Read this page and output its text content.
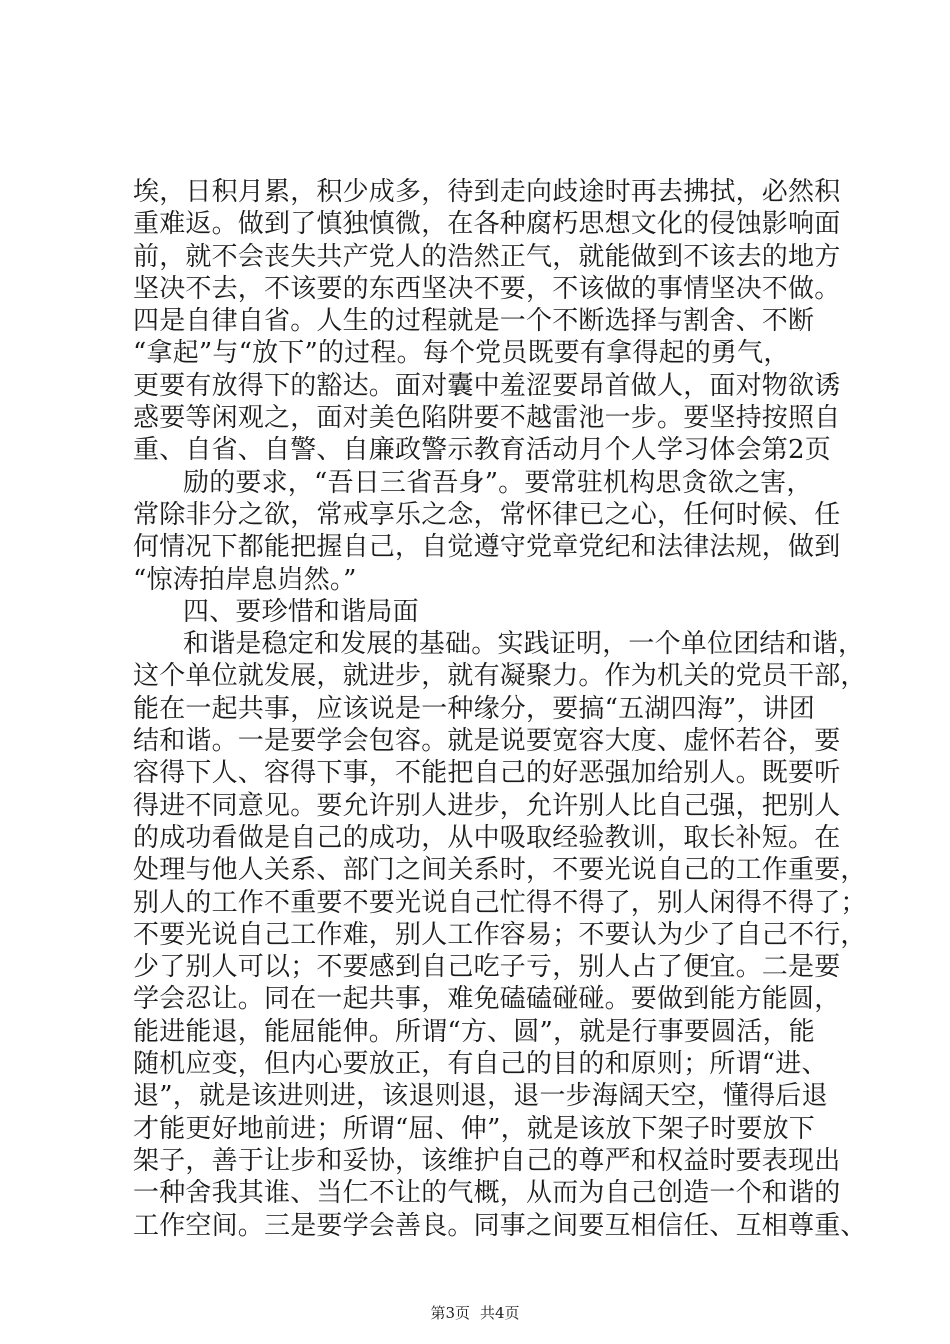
埃，日积月累，积少成多，待到走向歧途时再去拂拭，必然积
重难返。做到了慎独慎微，在各种腐朽思想文化的侵蚀影响面
前，就不会丧失共产党人的浩然正气，就能做到不该去的地方
坚决不去，不该要的东西坚决不要，不该做的事情坚决不做。
四是自律自省。人生的过程就是一个不断选择与割舍、不断
“拿起”与“放下”的过程。每个党员既要有拿得起的勇气，
更要有放得下的豁达。面对囊中羞涩要昂首做人，面对物欲诱
惑要等闲观之，面对美色陷阱要不越雷池一步。要坚持按照自
重、自省、自警、自廉政警示教育活动月个人学习体会第2页
励的要求，“吾日三省吾身”。要常驻机构思贪欲之害，
常除非分之欲，常戒享乐之念，常怀律已之心，任何时候、任
何情况下都能把握自己，自觉遵守党章党纪和法律法规，做到
“惊涛拍岸息岿然。”
四、要珍惜和谐局面
和谐是稳定和发展的基础。实践证明，一个单位团结和谐，
这个单位就发展，就进步，就有凝聚力。作为机关的党员干部，
能在一起共事，应该说是一种缘分，要搞“五湖四海”，讲团
结和谐。一是要学会包容。就是说要宽容大度、虚怀若谷，要
容得下人、容得下事，不能把自己的好恶强加给别人。既要听
得进不同意见。要允许别人进步，允许别人比自己强，把别人
的成功看做是自己的成功，从中吸取经验教训，取长补短。在
处理与他人关系、部门之间关系时，不要光说自己的工作重要，
别人的工作不重要不要光说自己忙得不得了，别人闲得不得了；
不要光说自己工作难，别人工作容易；不要认为少了自己不行，
少了别人可以；不要感到自己吃子亏，别人占了便宜。二是要
学会忍让。同在一起共事，难免磕磕碰碰。要做到能方能圆，
能进能退，能屈能伸。所谓“方、圆”，就是行事要圆活，能
随机应变，但内心要放正，有自己的目的和原则；所谓“进、
退”，就是该进则进，该退则退，退一步海阔天空，懂得后退
才能更好地前进；所谓“屈、伸”，就是该放下架子时要放下
架子，善于让步和妥协，该维护自己的尊严和权益时要表现出
一种舍我其谁、当仁不让的气概，从而为自己创造一个和谐的
工作空间。三是要学会善良。同事之间要互相信任、互相尊重、
第3页 共4页
